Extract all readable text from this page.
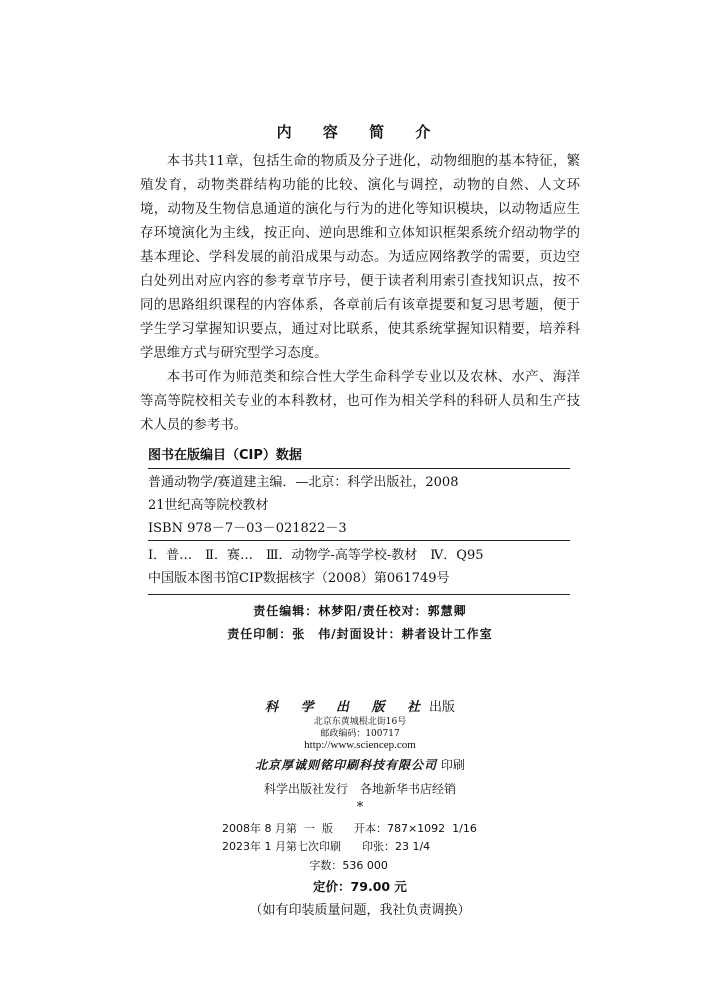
内 容 简 介

本书共11章，包括生命的物质及分子进化，动物细胞的基本特征，繁殖发育，动物类群结构功能的比较、演化与调控，动物的自然、人文环境，动物及生物信息通道的演化与行为的进化等知识模块，以动物适应生存环境演化为主线，按正向、逆向思维和立体知识框架系统介绍动物学的基本理论、学科发展的前沿成果与动态。为适应网络教学的需要，页边空白处列出对应内容的参考章节序号，便于读者利用索引查找知识点，按不同的思路组织课程的内容体系，各章前后有该章提要和复习思考题，便于学生学习掌握知识要点，通过对比联系，使其系统掌握知识精要，培养科学思维方式与研究型学习态度。

本书可作为师范类和综合性大学生命科学专业以及农林、水产、海洋等高等院校相关专业的本科教材，也可作为相关学科的科研人员和生产技术人员的参考书。

图书在版编目（CIP）数据
普通动物学/赛道建主编．—北京：科学出版社，2008
21世纪高等院校教材
ISBN 978－7－03－021822－3
Ⅰ．普…　Ⅱ．赛…　Ⅲ．动物学-高等学校-教材　Ⅳ．Q95
中国版本图书馆CIP数据核字（2008）第061749号
责任编辑：林梦阳/责任校对：郭慧卿
责任印制：张　伟/封面设计：耕者设计工作室
科 学 出 版 社出版
北京东黄城根北街16号
邮政编码：100717
http://www.sciencep.com
北京厚诚则铭印刷科技有限公司 印刷
科学出版社发行　各地新华书店经销
*
2008年 8 月第  一  版      开本：787×1092  1/16
2023年 1 月第七次印刷      印张：23 1/4
字数：536 000
定价：79.00 元
（如有印装质量问题，我社负责调换）
